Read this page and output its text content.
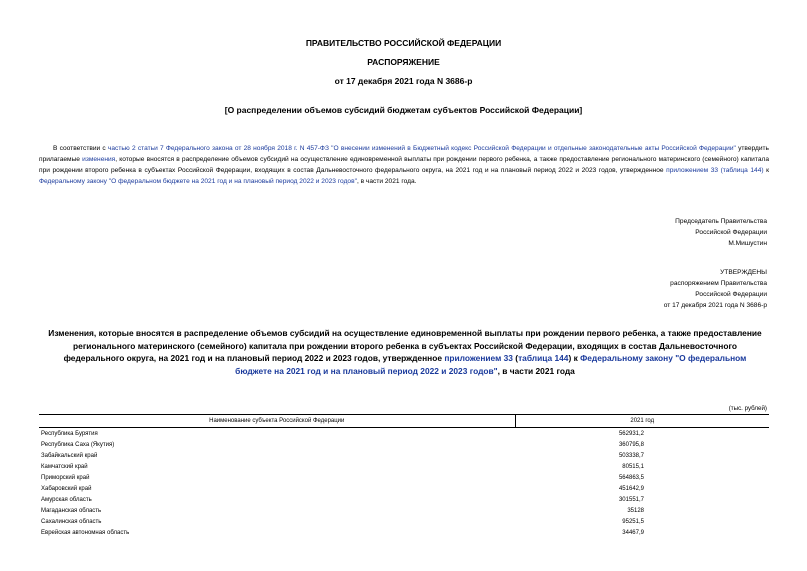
ПРАВИТЕЛЬСТВО РОССИЙСКОЙ ФЕДЕРАЦИИ
РАСПОРЯЖЕНИЕ
от 17 декабря 2021 года N 3686-р
[О распределении объемов субсидий бюджетам субъектов Российской Федерации]
В соответствии с частью 2 статьи 7 Федерального закона от 28 ноября 2018 г. N 457-ФЗ "О внесении изменений в Бюджетный кодекс Российской Федерации и отдельные законодательные акты Российской Федерации" утвердить прилагаемые изменения, которые вносятся в распределение объемов субсидий на осуществление единовременной выплаты при рождении первого ребенка, а также предоставление регионального материнского (семейного) капитала при рождении второго ребенка в субъектах Российской Федерации, входящих в состав Дальневосточного федерального округа, на 2021 год и на плановый период 2022 и 2023 годов, утвержденное приложением 33 (таблица 144) к Федеральному закону "О федеральном бюджете на 2021 год и на плановый период 2022 и 2023 годов", в части 2021 года.
Председатель Правительства
Российской Федерации
М.Мишустин
УТВЕРЖДЕНЫ
распоряжением Правительства
Российской Федерации
от 17 декабря 2021 года N 3686-р
Изменения, которые вносятся в распределение объемов субсидий на осуществление единовременной выплаты при рождении первого ребенка, а также предоставление регионального материнского (семейного) капитала при рождении второго ребенка в субъектах Российской Федерации, входящих в состав Дальневосточного федерального округа, на 2021 год и на плановый период 2022 и 2023 годов, утвержденное приложением 33 (таблица 144) к Федеральному закону "О федеральном бюджете на 2021 год и на плановый период 2022 и 2023 годов", в части 2021 года
(тыс. рублей)
Наименование субъекта Российской Федерации	2021 год
Республика Бурятия	562931,2
Республика Саха (Якутия)	360795,8
Забайкальский край	503338,7
Камчатский край	80515,1
Приморский край	564863,5
Хабаровский край	451642,9
Амурская область	301551,7
Магаданская область	35128
Сахалинская область	95251,5
Еврейская автономная область	34467,9
